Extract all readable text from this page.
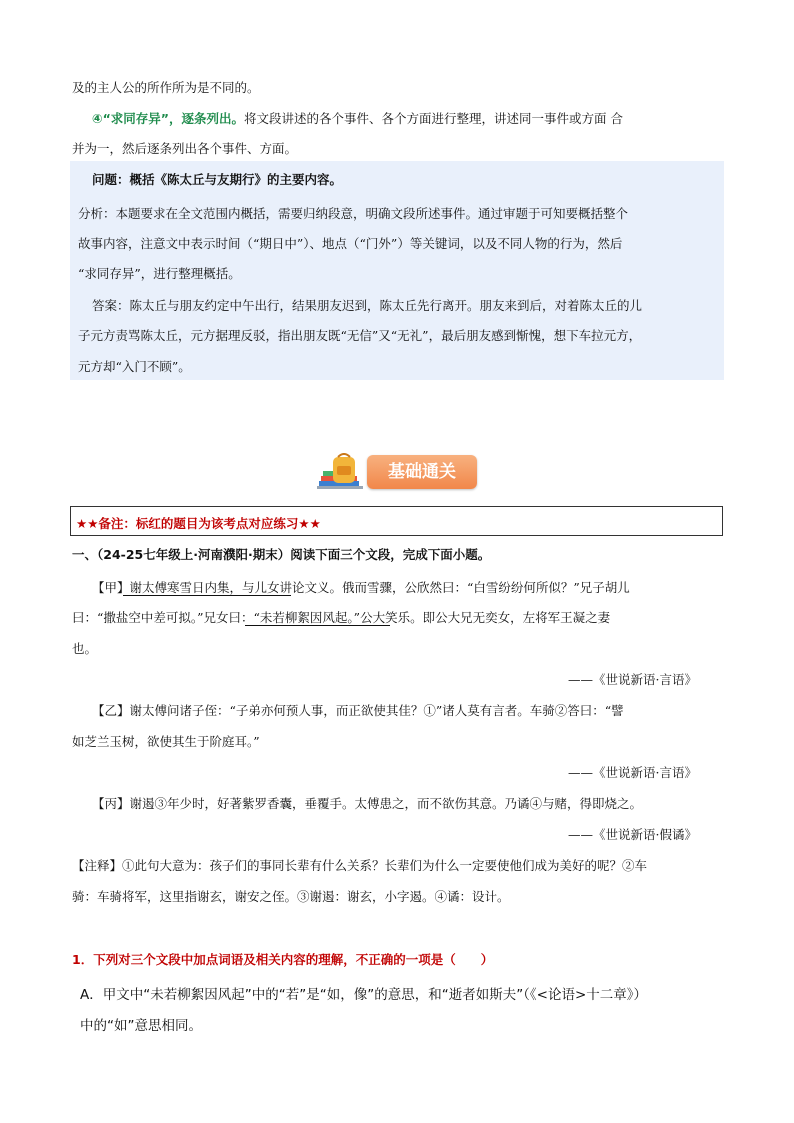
及的主人公的所作所为是不同的。
④“求同存异”，逐条列出。将文段讲述的各个事件、各个方面进行整理，讲述同一事件或方面 合
并为一，然后逐条列出各个事件、方面。
问题：概括《陈太丘与友期行》的主要内容。
分析：本题要求在全文范围内概括，需要归纳段意，明确文段所述事件。通过审题于可知要概括整个
故事内容，注意文中表示时间（“期日中”）、地点（“门外”）等关键词，以及不同人物的行为，然后
“求同存异”，进行整理概括。
答案：陈太丘与朋友约定中午出行，结果朋友迟到，陈太丘先行离开。朋友来到后，对着陈太丘的儿
子元方责骂陈太丘，元方据理反驳，指出朋友既“无信”又“无礼”，最后朋友感到惭愧，想下车拉元方，
元方却“入门不顾”。
基础通关
★★备注：标红的题目为该考点对应练习★★
一、（24-25七年级上·河南濮阳·期末）阅读下面三个文段，完成下面小题。
【甲】谢太傅寒雪日内集，与儿女讲论文义。俄而雪骤，公欣然曰：“白雪纷纷何所似？”兄子胡儿
曰：“撒盐空中差可拟。”兄女曰：“未若柳絮因风起。”公大笑乐。即公大兄无奕女，左将军王凝之妻
也。
——《世说新语·言语》
【乙】谢太傅问诸子侄：“子弟亦何预人事，而正欲使其佳？①”诸人莫有言者。车骑②答曰：“譬
如芝兰玉树，欲使其生于阶庭耳。”
——《世说新语·言语》
【丙】谢遏③年少时，好著紫罗香囊，垂覆手。太傅患之，而不欲伤其意。乃谲④与赌，得即烧之。
——《世说新语·假谲》
【注释】①此句大意为：孩子们的事同长辈有什么关系？长辈们为什么一定要使他们成为美好的呢？②车
骑：车骑将军，这里指谢玄，谢安之侄。③谢遏：谢玄，小字遏。④谲：设计。
1．下列对三个文段中加点词语及相关内容的理解，不正确的一项是（　　）
A．甲文中“未若柳絮因风起”中的“若”是“如，像”的意思，和“逝者如斯夫”（《<论语>十二章》）
中的“如”意思相同。
